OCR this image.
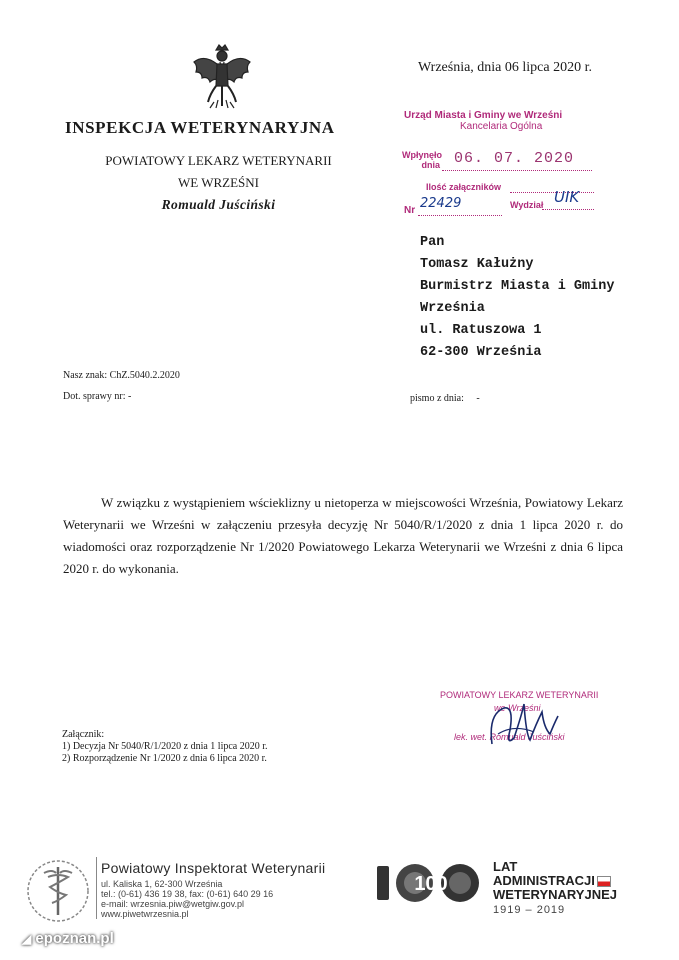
INSPEKCJA WETERYNARYJNA
POWIATOWY LEKARZ WETERYNARII
WE WRZEŚNI
Romuald Juściński
Września, dnia 06 lipca 2020 r.
Urząd Miasta i Gminy we Wrześni
Kancelaria Ogólna
Wpłynęło
dnia 06. 07. 2020
Ilość załączników
Nr 22429	Wydział UIK
Pan
Tomasz Kałużny
Burmistrz Miasta i Gminy
Września
ul. Ratuszowa 1
62-300 Września
Nasz znak: ChZ.5040.2.2020
Dot. sprawy nr: -	pismo z dnia: -

W związku z wystąpieniem wścieklizny u nietoperza w miejscowości Września, Powiatowy Lekarz Weterynarii we Wrześni w załączeniu przesyła decyzję Nr 5040/R/1/2020 z dnia 1 lipca 2020 r. do wiadomości oraz rozporządzenie Nr 1/2020 Powiatowego Lekarza Weterynarii we Wrześni z dnia 6 lipca 2020 r. do wykonania.

POWIATOWY LEKARZ WETERYNARII
we Wrześni
lek. wet. Romuald Juściński
Załącznik:
1) Decyzja Nr 5040/R/1/2020 z dnia 1 lipca 2020 r.
2) Rozporządzenie Nr 1/2020 z dnia 6 lipca 2020 r.
Powiatowy Inspektorat Weterynarii
ul. Kaliska 1, 62-300 Września
tel.: (0-61) 436 19 38, fax: (0-61) 640 29 16
e-mail: wrzesnia.piw@wetgiw.gov.pl
www.piwetwrzesnia.pl
100
LAT
ADMINISTRACJI
WETERYNARYJNEJ
1919 – 2019
◢ epoznan.pl
